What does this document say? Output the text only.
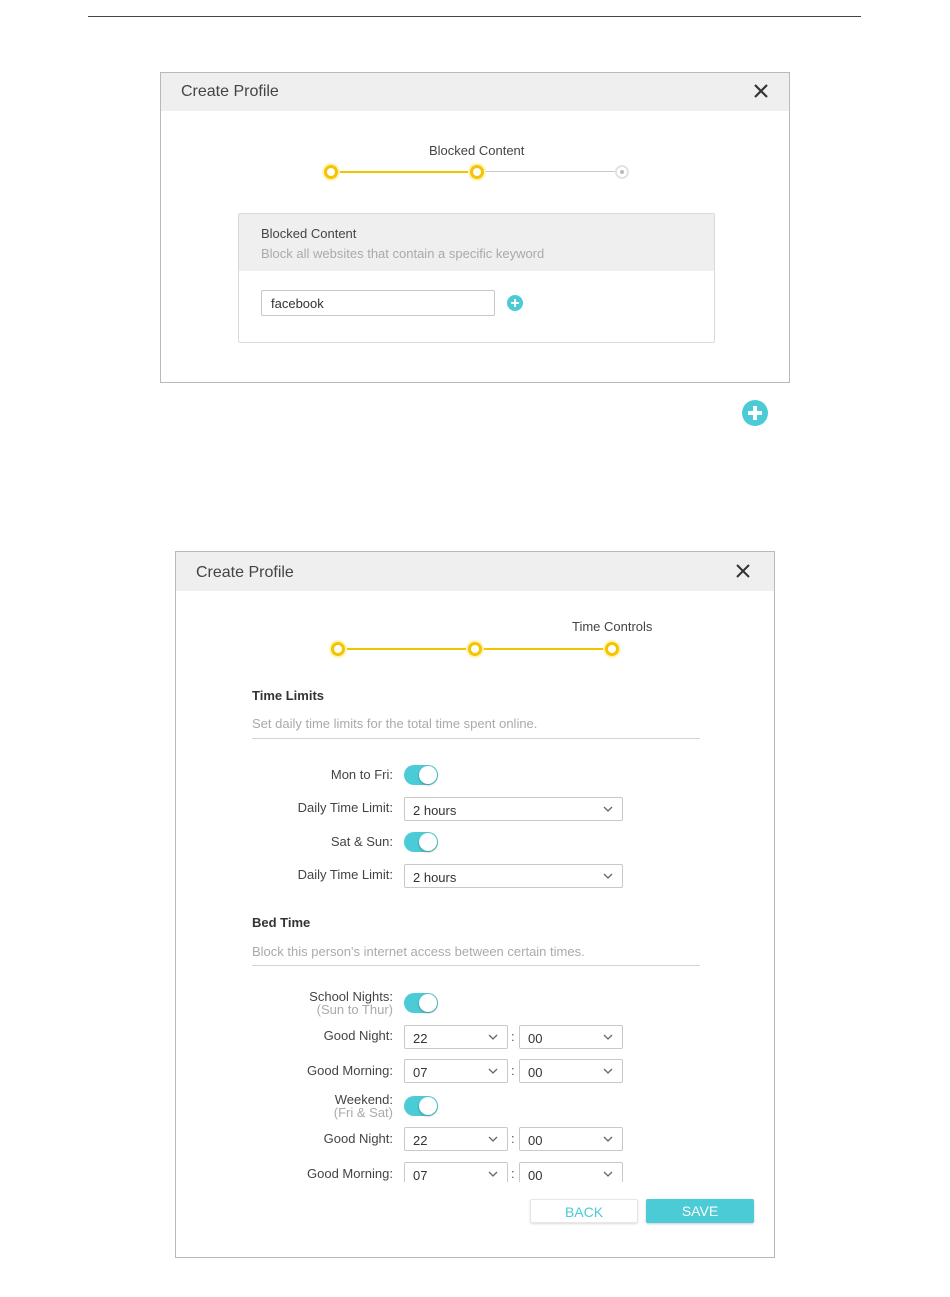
Create Profile
Blocked Content
Blocked Content
Block all websites that contain a specific keyword
facebook
Create Profile
Time Controls
Time Limits
Set daily time limits for the total time spent online.
Mon to Fri:
Daily Time Limit: 2 hours
Sat & Sun:
Daily Time Limit: 2 hours
Bed Time
Block this person's internet access between certain times.
School Nights:
(Sun to Thur)
Good Night: 22	: 00
Good Morning: 07	: 00
Weekend:
(Fri & Sat)
Good Night: 22	: 00
Good Morning: 07	: 00
BACK	SAVE
